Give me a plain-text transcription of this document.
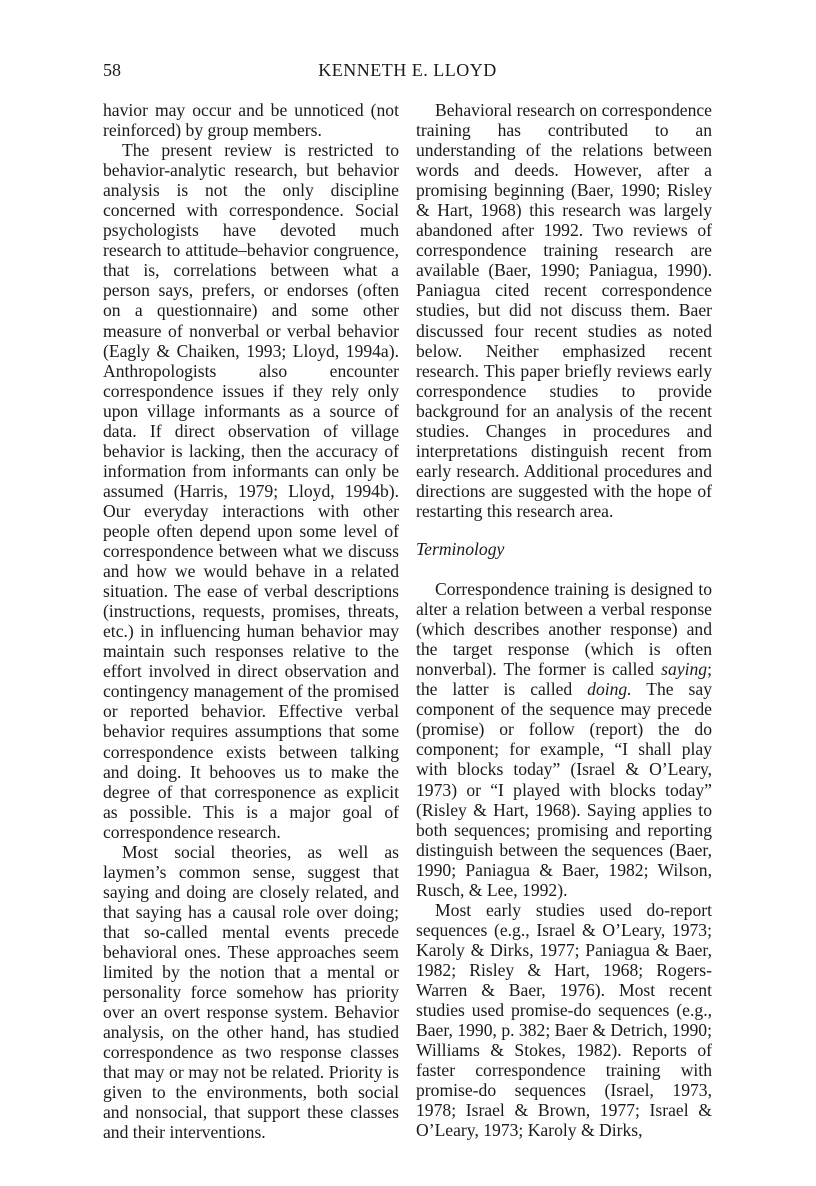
58	KENNETH E. LLOYD

havior may occur and be unnoticed (not reinforced) by group members.

The present review is restricted to behavior-analytic research, but behavior analysis is not the only discipline concerned with correspondence. Social psychologists have devoted much research to attitude–behavior congruence, that is, correlations between what a person says, prefers, or endorses (often on a questionnaire) and some other measure of nonverbal or verbal behavior (Eagly & Chaiken, 1993; Lloyd, 1994a). Anthropologists also encounter correspondence issues if they rely only upon village informants as a source of data. If direct observation of village behavior is lacking, then the accuracy of information from informants can only be assumed (Harris, 1979; Lloyd, 1994b). Our everyday interactions with other people often depend upon some level of correspondence between what we discuss and how we would behave in a related situation. The ease of verbal descriptions (instructions, requests, promises, threats, etc.) in influencing human behavior may maintain such responses relative to the effort involved in direct observation and contingency management of the promised or reported behavior. Effective verbal behavior requires assumptions that some correspondence exists between talking and doing. It behooves us to make the degree of that corresponence as explicit as possible. This is a major goal of correspondence research.

Most social theories, as well as laymen’s common sense, suggest that saying and doing are closely related, and that saying has a causal role over doing; that so-called mental events precede behavioral ones. These approaches seem limited by the notion that a mental or personality force somehow has priority over an overt response system. Behavior analysis, on the other hand, has studied correspondence as two response classes that may or may not be related. Priority is given to the environments, both social and nonsocial, that support these classes and their interventions.

Behavioral research on correspondence training has contributed to an understanding of the relations between words and deeds. However, after a promising beginning (Baer, 1990; Risley & Hart, 1968) this research was largely abandoned after 1992. Two reviews of correspondence training research are available (Baer, 1990; Paniagua, 1990). Paniagua cited recent correspondence studies, but did not discuss them. Baer discussed four recent studies as noted below. Neither emphasized recent research. This paper briefly reviews early correspondence studies to provide background for an analysis of the recent studies. Changes in procedures and interpretations distinguish recent from early research. Additional procedures and directions are suggested with the hope of restarting this research area.

Terminology

Correspondence training is designed to alter a relation between a verbal response (which describes another response) and the target response (which is often nonverbal). The former is called saying; the latter is called doing. The say component of the sequence may precede (promise) or follow (report) the do component; for example, “I shall play with blocks today” (Israel & O’Leary, 1973) or “I played with blocks today” (Risley & Hart, 1968). Saying applies to both sequences; promising and reporting distinguish between the sequences (Baer, 1990; Paniagua & Baer, 1982; Wilson, Rusch, & Lee, 1992).

Most early studies used do-report sequences (e.g., Israel & O’Leary, 1973; Karoly & Dirks, 1977; Paniagua & Baer, 1982; Risley & Hart, 1968; Rogers-Warren & Baer, 1976). Most recent studies used promise-do sequences (e.g., Baer, 1990, p. 382; Baer & Detrich, 1990; Williams & Stokes, 1982). Reports of faster correspondence training with promise-do sequences (Israel, 1973, 1978; Israel & Brown, 1977; Israel & O’Leary, 1973; Karoly & Dirks,
